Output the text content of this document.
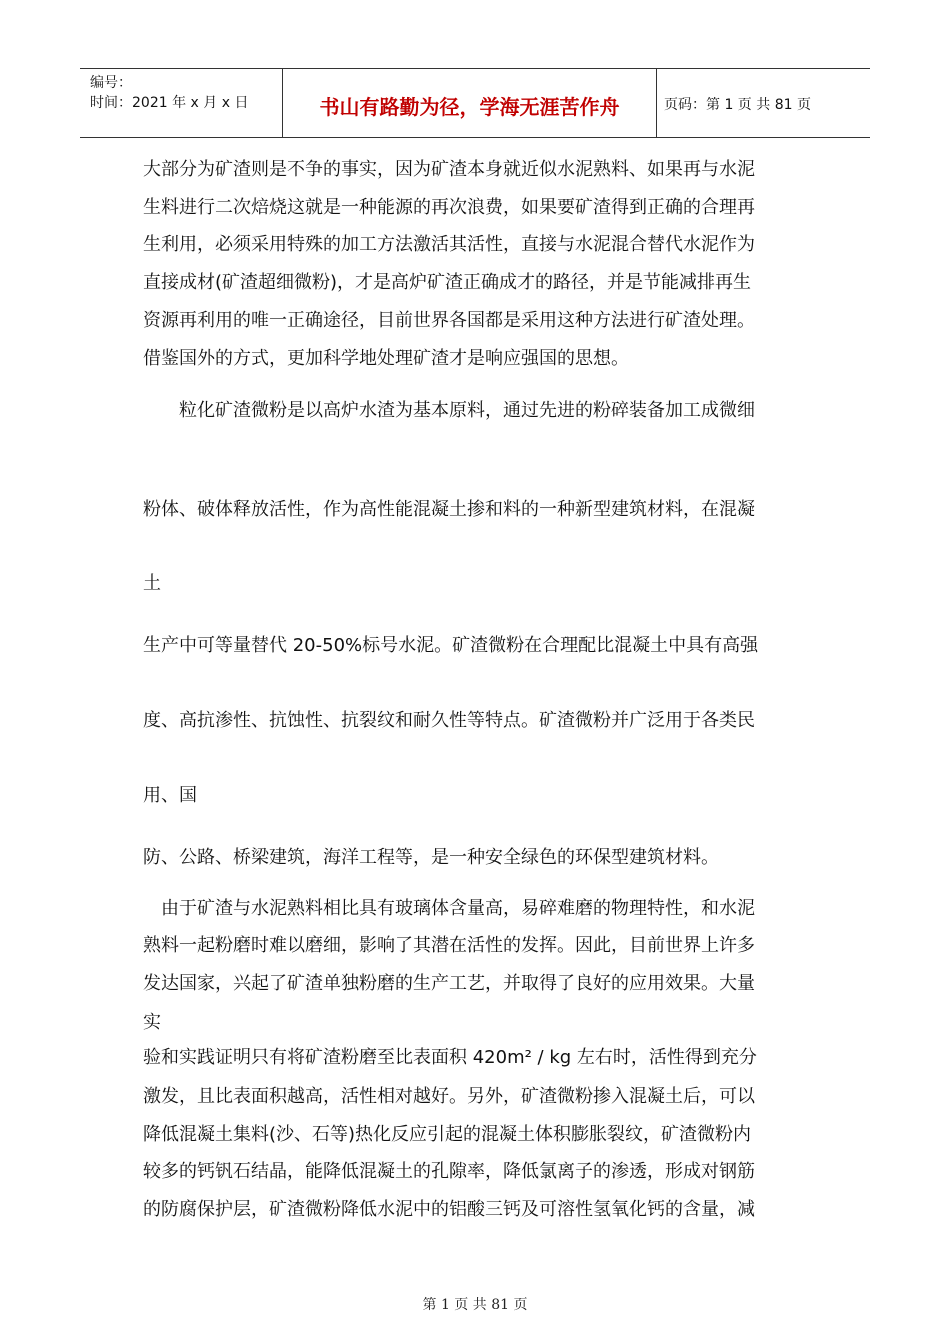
编号：
时间：2021 年 x 月 x 日	书山有路勤为径，学海无涯苦作舟	页码：第 1 页 共 81 页
大部分为矿渣则是不争的事实，因为矿渣本身就近似水泥熟料、如果再与水泥
生料进行二次焙烧这就是一种能源的再次浪费，如果要矿渣得到正确的合理再
生利用，必须采用特殊的加工方法激活其活性，直接与水泥混合替代水泥作为
直接成材(矿渣超细微粉)，才是高炉矿渣正确成才的路径，并是节能减排再生
资源再利用的唯一正确途径，目前世界各国都是采用这种方法进行矿渣处理。
借鉴国外的方式，更加科学地处理矿渣才是响应强国的思想。
　　粒化矿渣微粉是以高炉水渣为基本原料，通过先进的粉碎装备加工成微细
粉体、破体释放活性，作为高性能混凝土掺和料的一种新型建筑材料，在混凝
土
生产中可等量替代 20-50%标号水泥。矿渣微粉在合理配比混凝土中具有高强
度、高抗渗性、抗蚀性、抗裂纹和耐久性等特点。矿渣微粉并广泛用于各类民
用、国
防、公路、桥梁建筑，海洋工程等，是一种安全绿色的环保型建筑材料。
　由于矿渣与水泥熟料相比具有玻璃体含量高，易碎难磨的物理特性，和水泥
熟料一起粉磨时难以磨细，影响了其潜在活性的发挥。因此，目前世界上许多
发达国家，兴起了矿渣单独粉磨的生产工艺，并取得了良好的应用效果。大量
实
验和实践证明只有将矿渣粉磨至比表面积 420m² / kg 左右时，活性得到充分
激发，且比表面积越高，活性相对越好。另外，矿渣微粉掺入混凝土后，可以
降低混凝土集料(沙、石等)热化反应引起的混凝土体积膨胀裂纹，矿渣微粉内
较多的钙钒石结晶，能降低混凝土的孔隙率，降低氯离子的渗透，形成对钢筋
的防腐保护层，矿渣微粉降低水泥中的铝酸三钙及可溶性氢氧化钙的含量，减
第 1 页 共 81 页
